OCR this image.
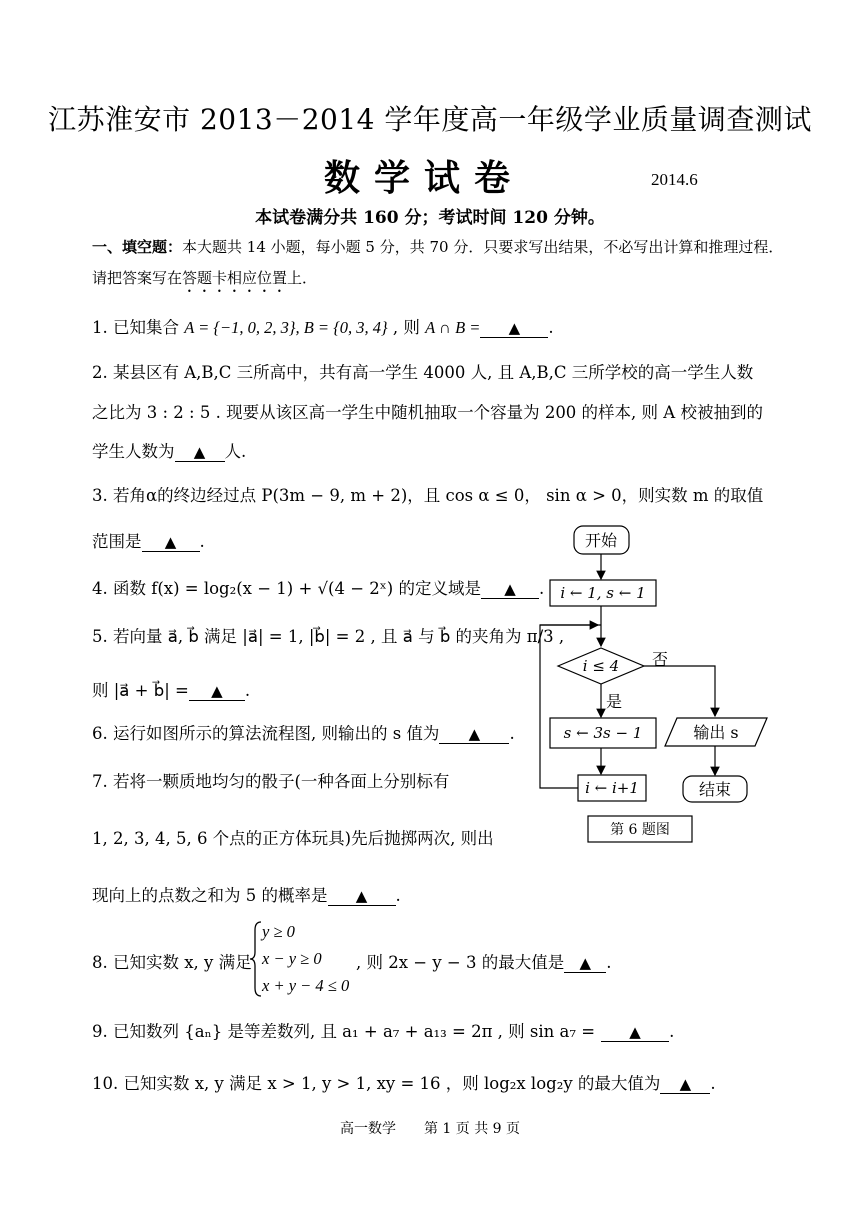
江苏淮安市 2013－2014 学年度高一年级学业质量调查测试
数学试卷	2014.6
本试卷满分共 160 分；考试时间 120 分钟。
一、填空题：本大题共 14 小题，每小题 5 分，共 70 分．只要求写出结果，不必写出计算和推理过程．
请把答案写在答题卡相应位置上．
1. 已知集合 A = {−1, 0, 2, 3}, B = {0, 3, 4} , 则 A ∩ B = ▲ .
2. 某县区有 A,B,C 三所高中，共有高一学生 4000 人, 且 A,B,C 三所学校的高一学生人数
之比为 3 : 2 : 5 . 现要从该区高一学生中随机抽取一个容量为 200 的样本, 则 A 校被抽到的
学生人数为 ▲ 人.
3. 若角α的终边经过点 P(3m − 9, m + 2)，且 cos α ≤ 0， sin α > 0，则实数 m 的取值
范围是 ▲ .
4. 函数 f(x) = log₂(x − 1) + √(4 − 2ˣ) 的定义域是 ▲ .
5. 若向量 a⃗, b⃗ 满足 |a⃗| = 1, |b⃗| = 2 , 且 a⃗ 与 b⃗ 的夹角为 π/3 ,
则 |a⃗ + b⃗| = ▲ .
6. 运行如图所示的算法流程图, 则输出的 s 值为 ▲ .
7. 若将一颗质地均匀的骰子(一种各面上分别标有
1, 2, 3, 4, 5, 6 个点的正方体玩具)先后抛掷两次, 则出
现向上的点数之和为 5 的概率是 ▲ .
8. 已知实数 x, y 满足
y ≥ 0
x − y ≥ 0
x + y − 4 ≤ 0
, 则 2x − y − 3 的最大值是 ▲ .
9. 已知数列 {aₙ} 是等差数列, 且 a₁ + a₇ + a₁₃ = 2π , 则 sin a₇ = ▲ .
10. 已知实数 x, y 满足 x > 1, y > 1, xy = 16 ，则 log₂x log₂y 的最大值为 ▲ .
开始
i ← 1, s ← 1
i ≤ 4 否
是
s ← 3s − 1
i ← i+1
输出 s
结束
第 6 题图
高一数学　　第 1 页 共 9 页
